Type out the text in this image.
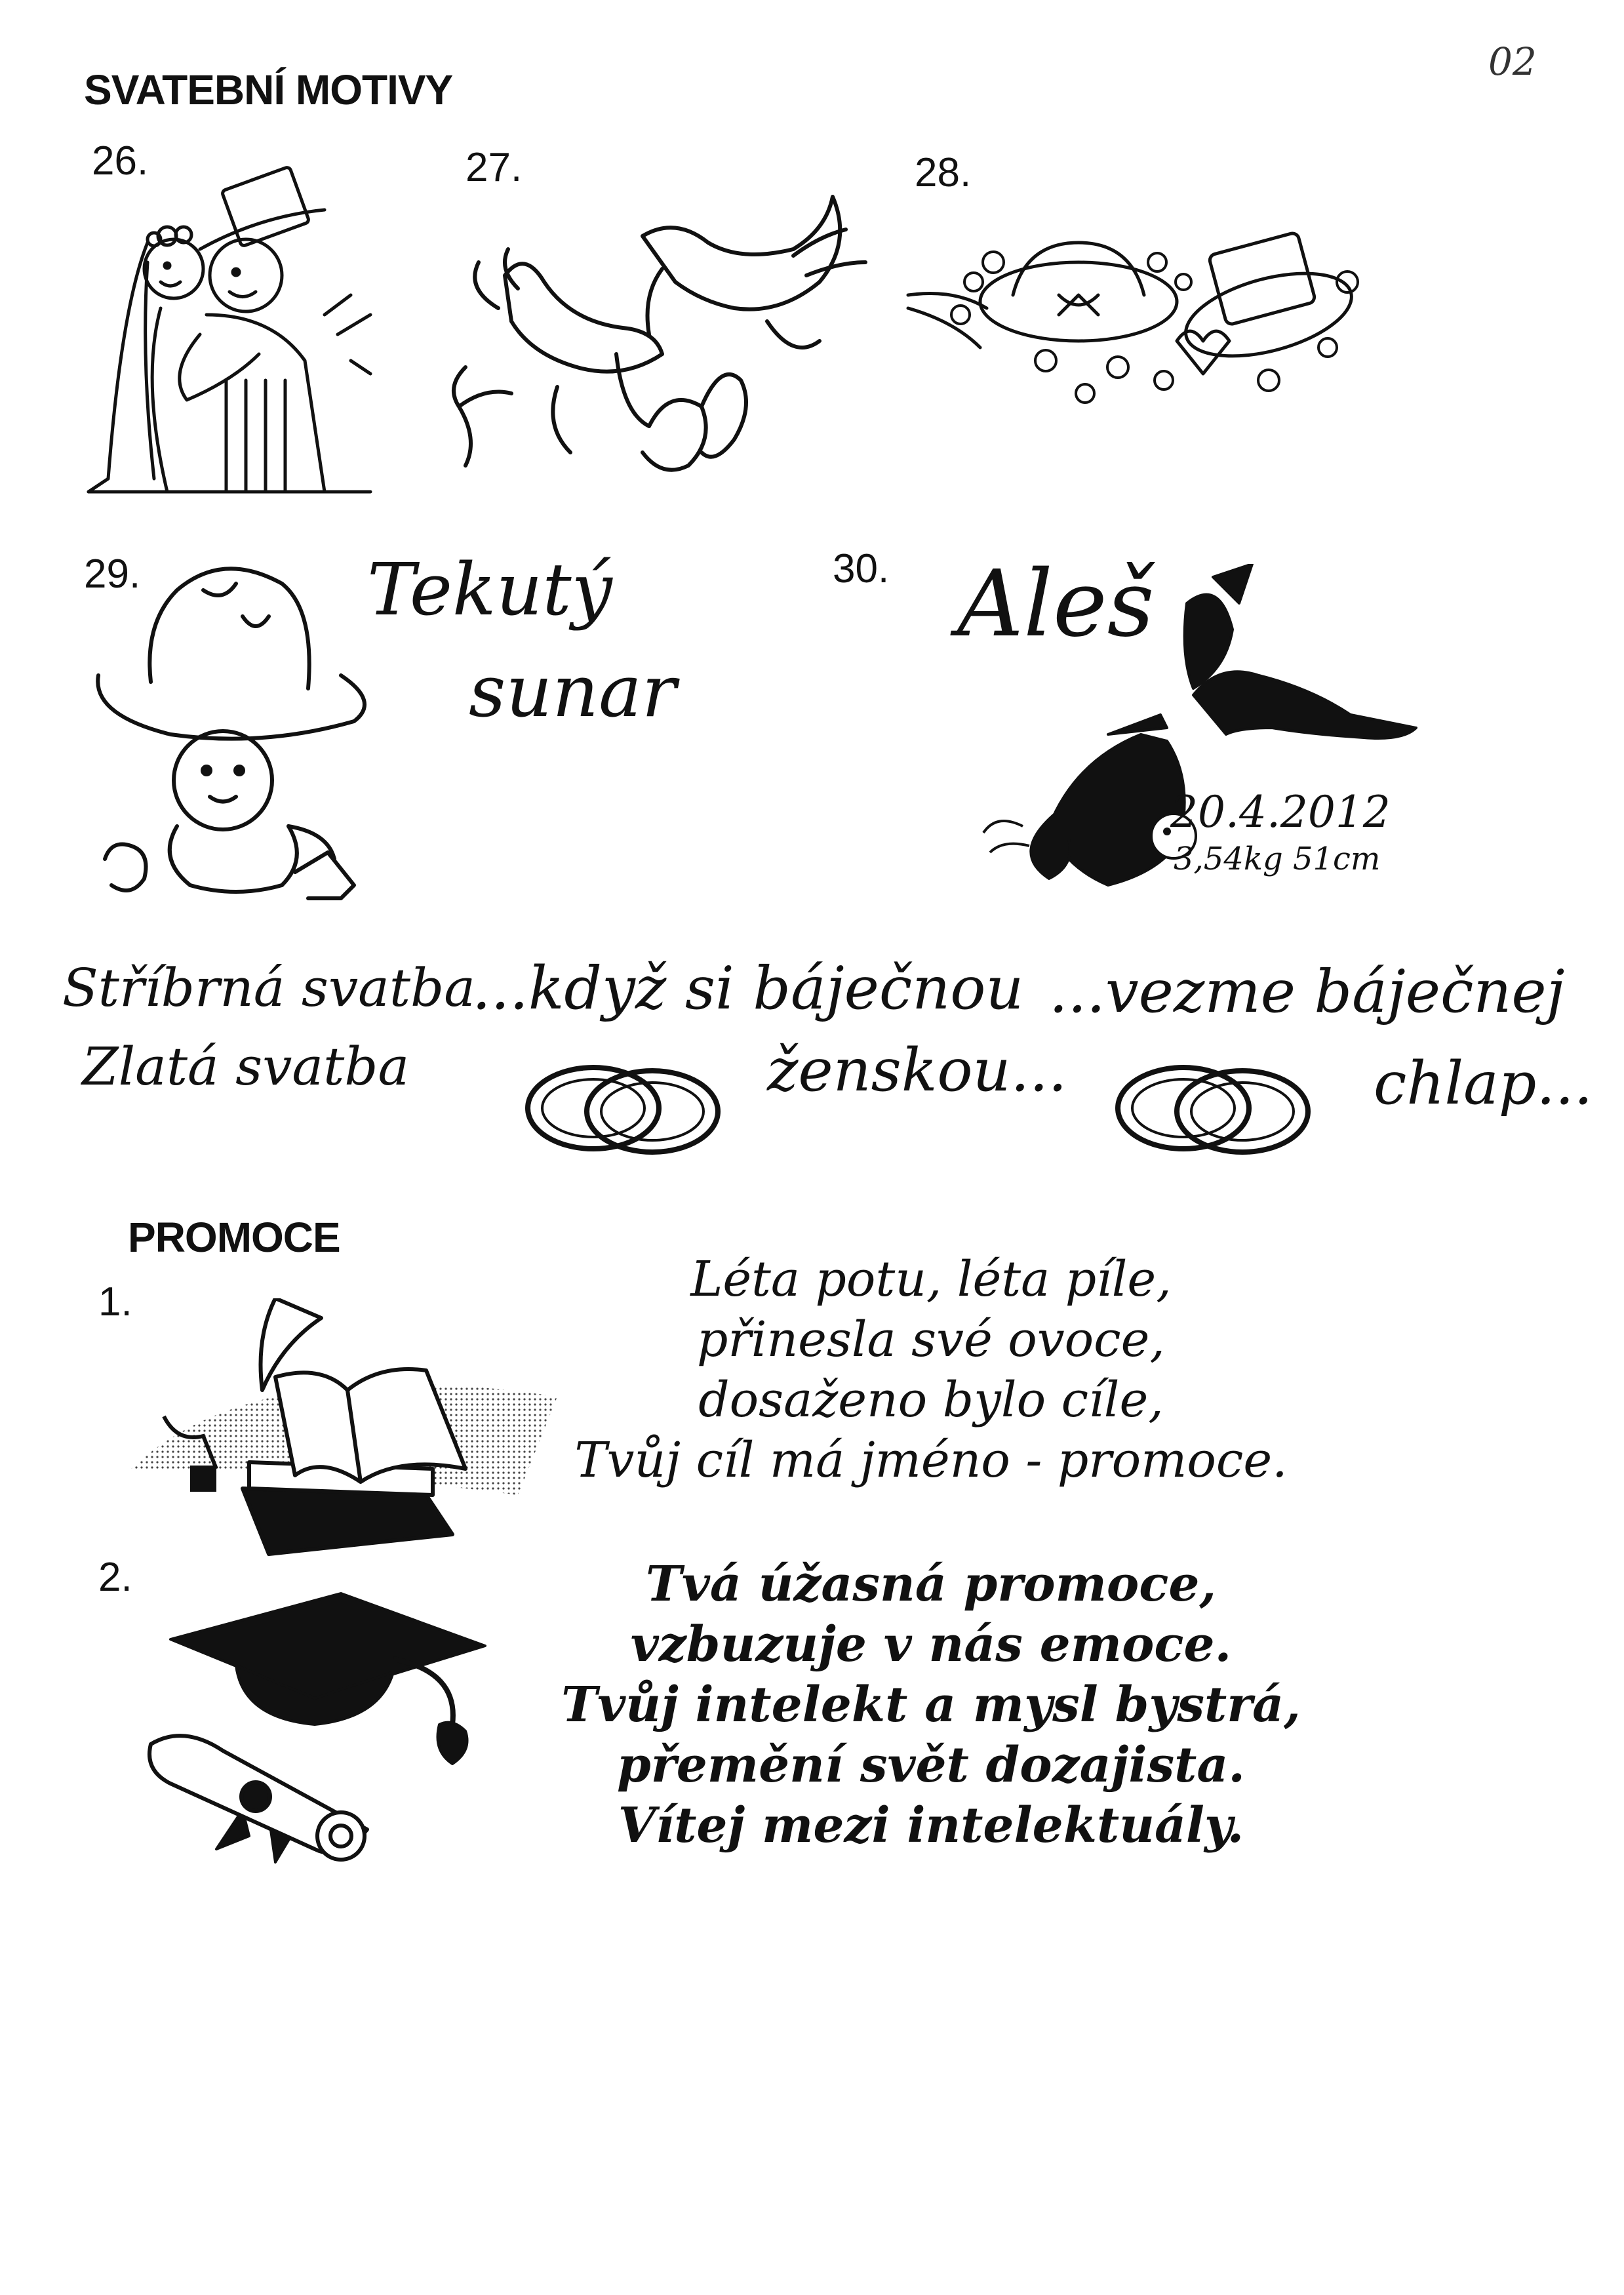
02
SVATEBNÍ MOTIVY
26.	27.	28.
29.	30.
Tekutý
sunar
Aleš
20.4.2012
3,54kg 51cm
Stříbrná svatba
Zlatá svatba
...když si báječnou
ženskou...
...vezme báječnej
chlap...
PROMOCE
1.
2.
Léta potu, léta píle,
přinesla své ovoce,
dosaženo bylo cíle,
Tvůj cíl má jméno - promoce.
Tvá úžasná promoce,
vzbuzuje v nás emoce.
Tvůj intelekt a mysl bystrá,
přemění svět dozajista.
Vítej mezi intelektuály.
